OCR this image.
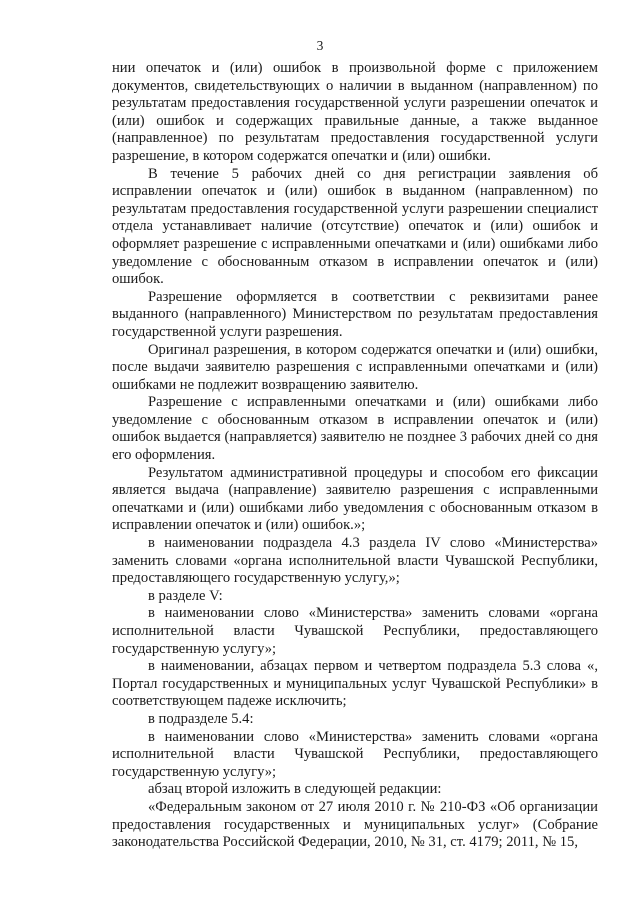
3

нии опечаток и (или) ошибок в произвольной форме с приложением документов, свидетельствующих о наличии в выданном (направленном) по результатам предоставления государственной услуги разрешении опечаток и (или) ошибок и содержащих правильные данные, а также выданное (направленное) по результатам предоставления государственной услуги разрешение, в котором содержатся опечатки и (или) ошибки.

В течение 5 рабочих дней со дня регистрации заявления об исправлении опечаток и (или) ошибок в выданном (направленном) по результатам предоставления государственной услуги разрешении специалист отдела устанавливает наличие (отсутствие) опечаток и (или) ошибок и оформляет разрешение с исправленными опечатками и (или) ошибками либо уведомление с обоснованным отказом в исправлении опечаток и (или) ошибок.

Разрешение оформляется в соответствии с реквизитами ранее выданного (направленного) Министерством по результатам предоставления государственной услуги разрешения.

Оригинал разрешения, в котором содержатся опечатки и (или) ошибки, после выдачи заявителю разрешения с исправленными опечатками и (или) ошибками не подлежит возвращению заявителю.

Разрешение с исправленными опечатками и (или) ошибками либо уведомление с обоснованным отказом в исправлении опечаток и (или) ошибок выдается (направляется) заявителю не позднее 3 рабочих дней со дня его оформления.

Результатом административной процедуры и способом его фиксации является выдача (направление) заявителю разрешения с исправленными опечатками и (или) ошибками либо уведомления с обоснованным отказом в исправлении опечаток и (или) ошибок.»;

в наименовании подраздела 4.3 раздела IV слово «Министерства» заменить словами «органа исполнительной власти Чувашской Республики, предоставляющего государственную услугу,»;

в разделе V:

в наименовании слово «Министерства» заменить словами «органа исполнительной власти Чувашской Республики, предоставляющего государственную услугу»;

в наименовании, абзацах первом и четвертом подраздела 5.3 слова «, Портал государственных и муниципальных услуг Чувашской Республики» в соответствующем падеже исключить;

в подразделе 5.4:

в наименовании слово «Министерства» заменить словами «органа исполнительной власти Чувашской Республики, предоставляющего государственную услугу»;

абзац второй изложить в следующей редакции:

«Федеральным законом от 27 июля 2010 г. № 210-ФЗ «Об организации предоставления государственных и муниципальных услуг» (Собрание законодательства Российской Федерации, 2010, № 31, ст. 4179; 2011, № 15,
